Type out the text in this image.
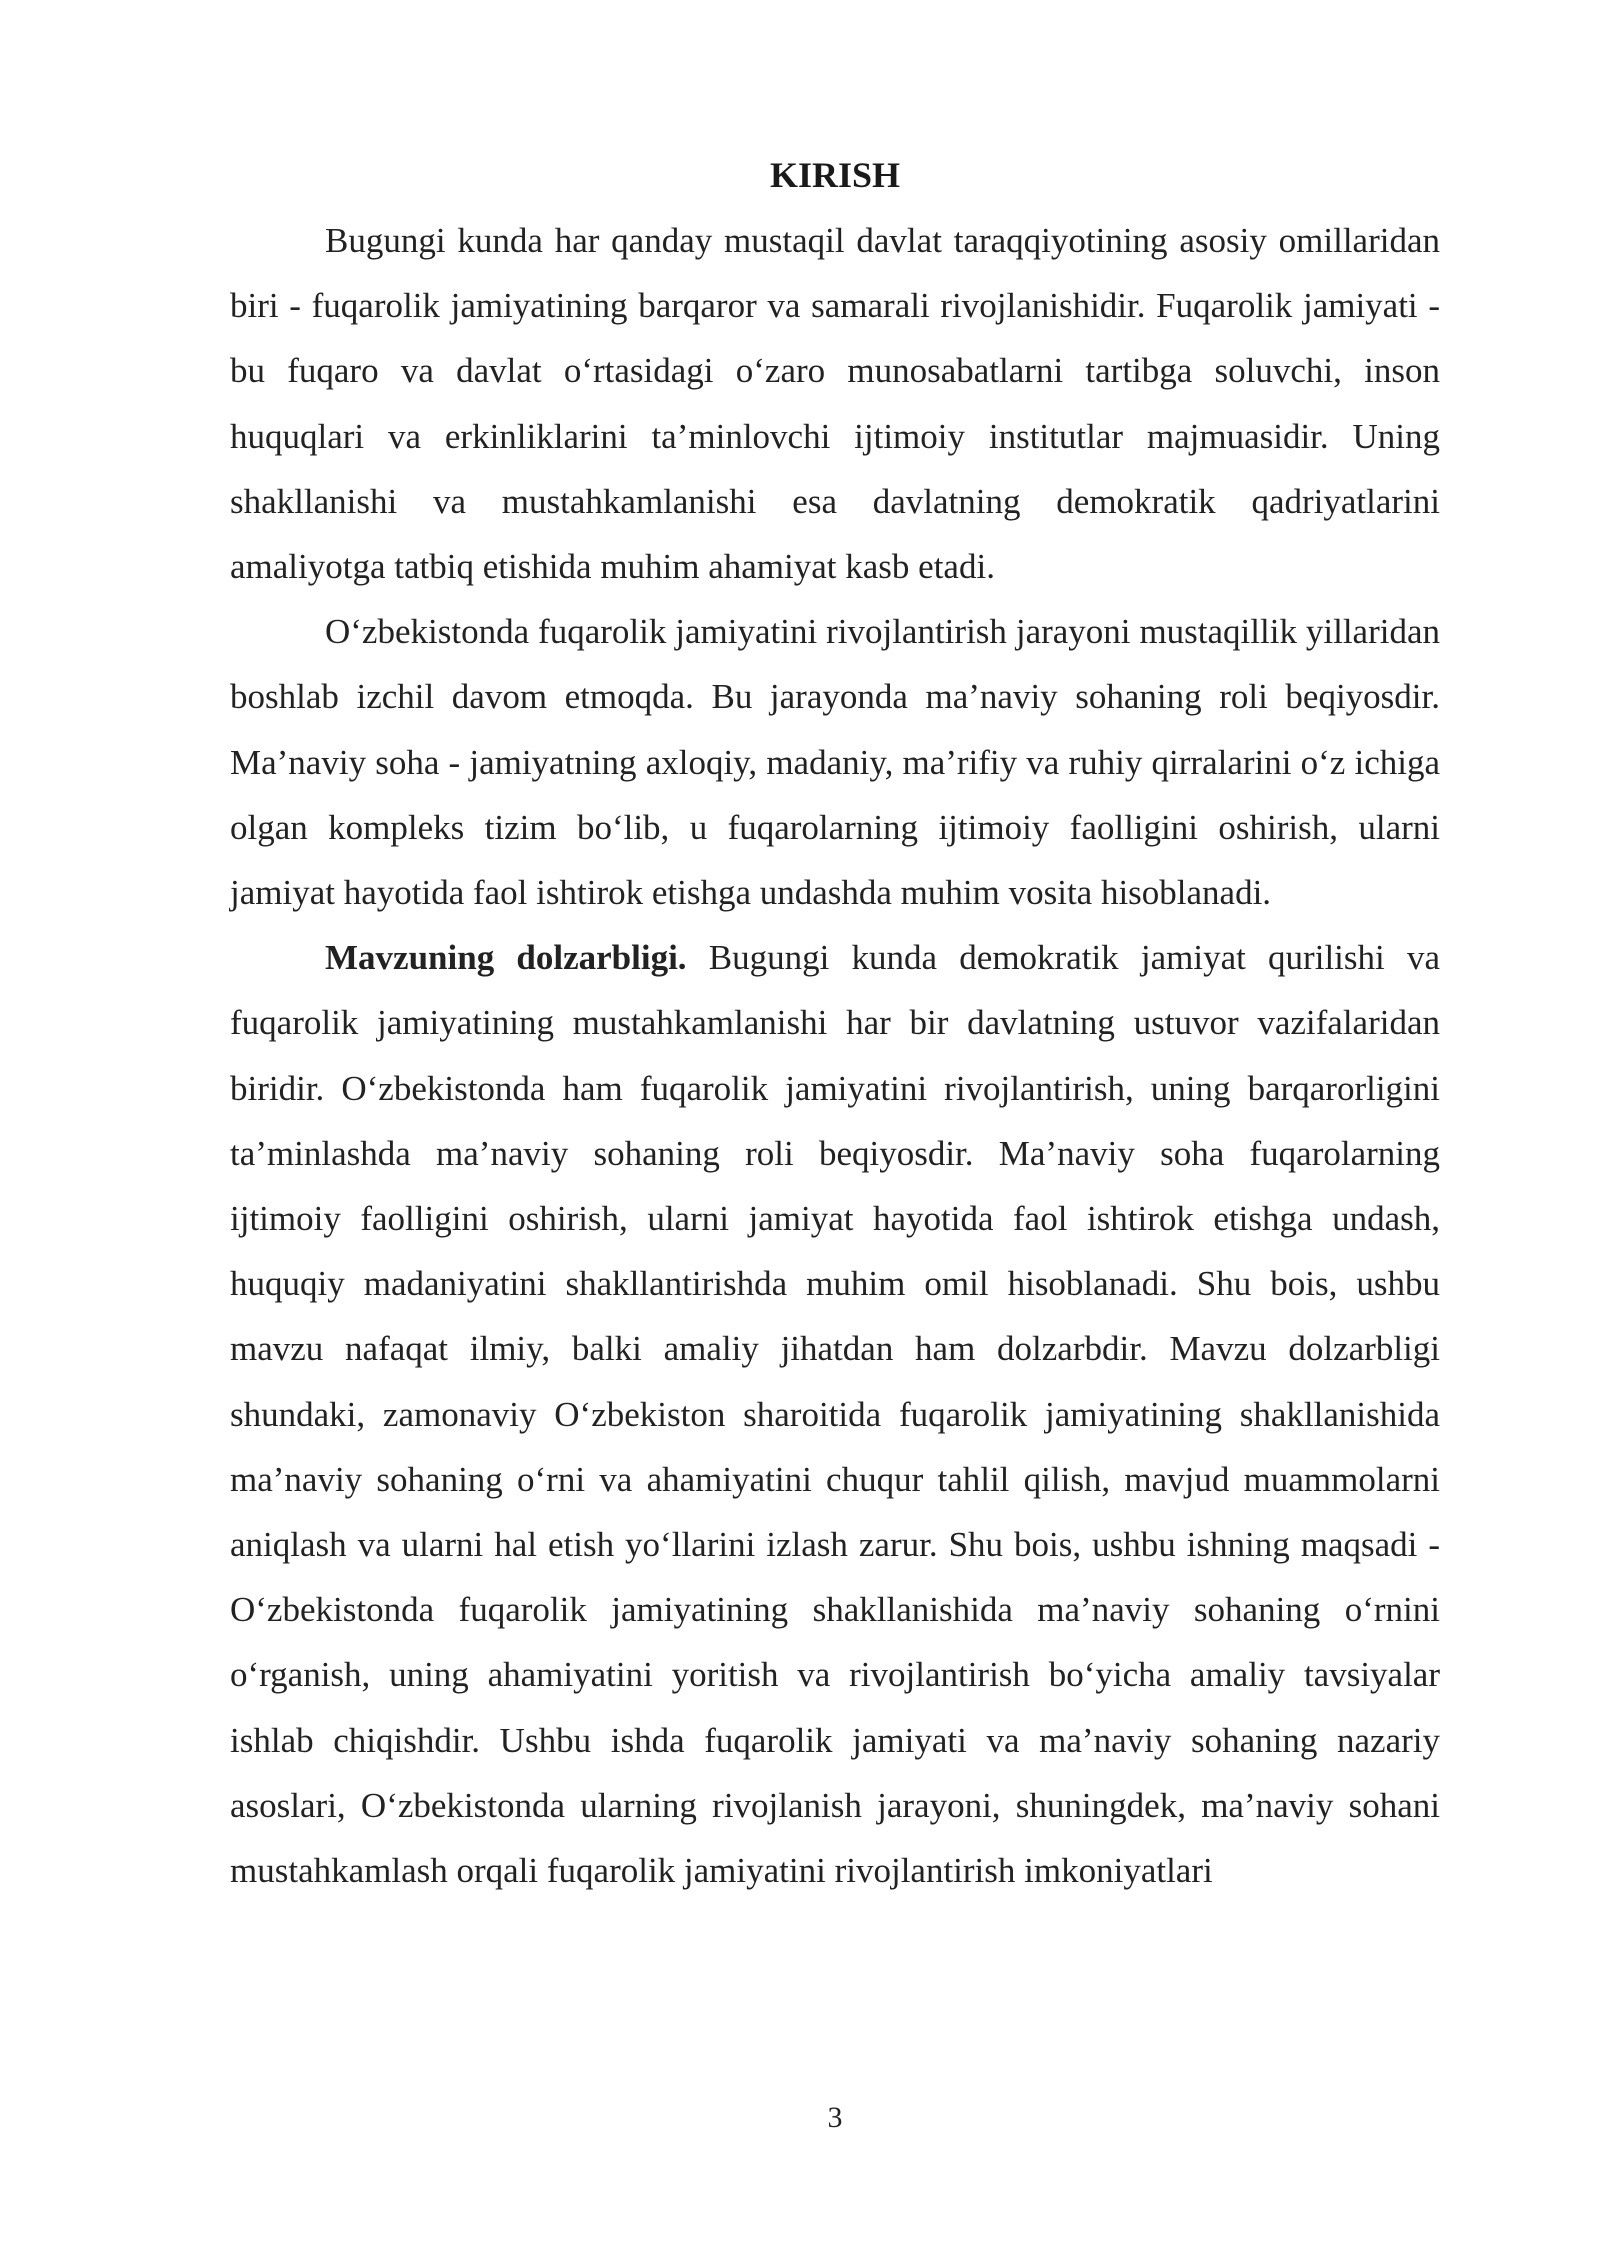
KIRISH

Bugungi kunda har qanday mustaqil davlat taraqqiyotining asosiy omillaridan biri - fuqarolik jamiyatining barqaror va samarali rivojlanishidir. Fuqarolik jamiyati - bu fuqaro va davlat o‘rtasidagi o‘zaro munosabatlarni tartibga soluvchi, inson huquqlari va erkinliklarini ta’minlovchi ijtimoiy institutlar majmuasidir. Uning shakllanishi va mustahkamlanishi esa davlatning demokratik qadriyatlarini amaliyotga tatbiq etishida muhim ahamiyat kasb etadi.

O‘zbekistonda fuqarolik jamiyatini rivojlantirish jarayoni mustaqillik yillaridan boshlab izchil davom etmoqda. Bu jarayonda ma’naviy sohaning roli beqiyosdir. Ma’naviy soha - jamiyatning axloqiy, madaniy, ma’rifiy va ruhiy qirralarini o‘z ichiga olgan kompleks tizim bo‘lib, u fuqarolarning ijtimoiy faolligini oshirish, ularni jamiyat hayotida faol ishtirok etishga undashda muhim vosita hisoblanadi.

Mavzuning dolzarbligi. Bugungi kunda demokratik jamiyat qurilishi va fuqarolik jamiyatining mustahkamlanishi har bir davlatning ustuvor vazifalaridan biridir. O‘zbekistonda ham fuqarolik jamiyatini rivojlantirish, uning barqarorligini ta’minlashda ma’naviy sohaning roli beqiyosdir. Ma’naviy soha fuqarolarning ijtimoiy faolligini oshirish, ularni jamiyat hayotida faol ishtirok etishga undash, huquqiy madaniyatini shakllantirishda muhim omil hisoblanadi. Shu bois, ushbu mavzu nafaqat ilmiy, balki amaliy jihatdan ham dolzarbdir. Mavzu dolzarbligi shundaki, zamonaviy O‘zbekiston sharoitida fuqarolik jamiyatining shakllanishida ma’naviy sohaning o‘rni va ahamiyatini chuqur tahlil qilish, mavjud muammolarni aniqlash va ularni hal etish yo‘llarini izlash zarur. Shu bois, ushbu ishning maqsadi - O‘zbekistonda fuqarolik jamiyatining shakllanishida ma’naviy sohaning o‘rnini o‘rganish, uning ahamiyatini yoritish va rivojlantirish bo‘yicha amaliy tavsiyalar ishlab chiqishdir. Ushbu ishda fuqarolik jamiyati va ma’naviy sohaning nazariy asoslari, O‘zbekistonda ularning rivojlanish jarayoni, shuningdek, ma’naviy sohani mustahkamlash orqali fuqarolik jamiyatini rivojlantirish imkoniyatlari

3
